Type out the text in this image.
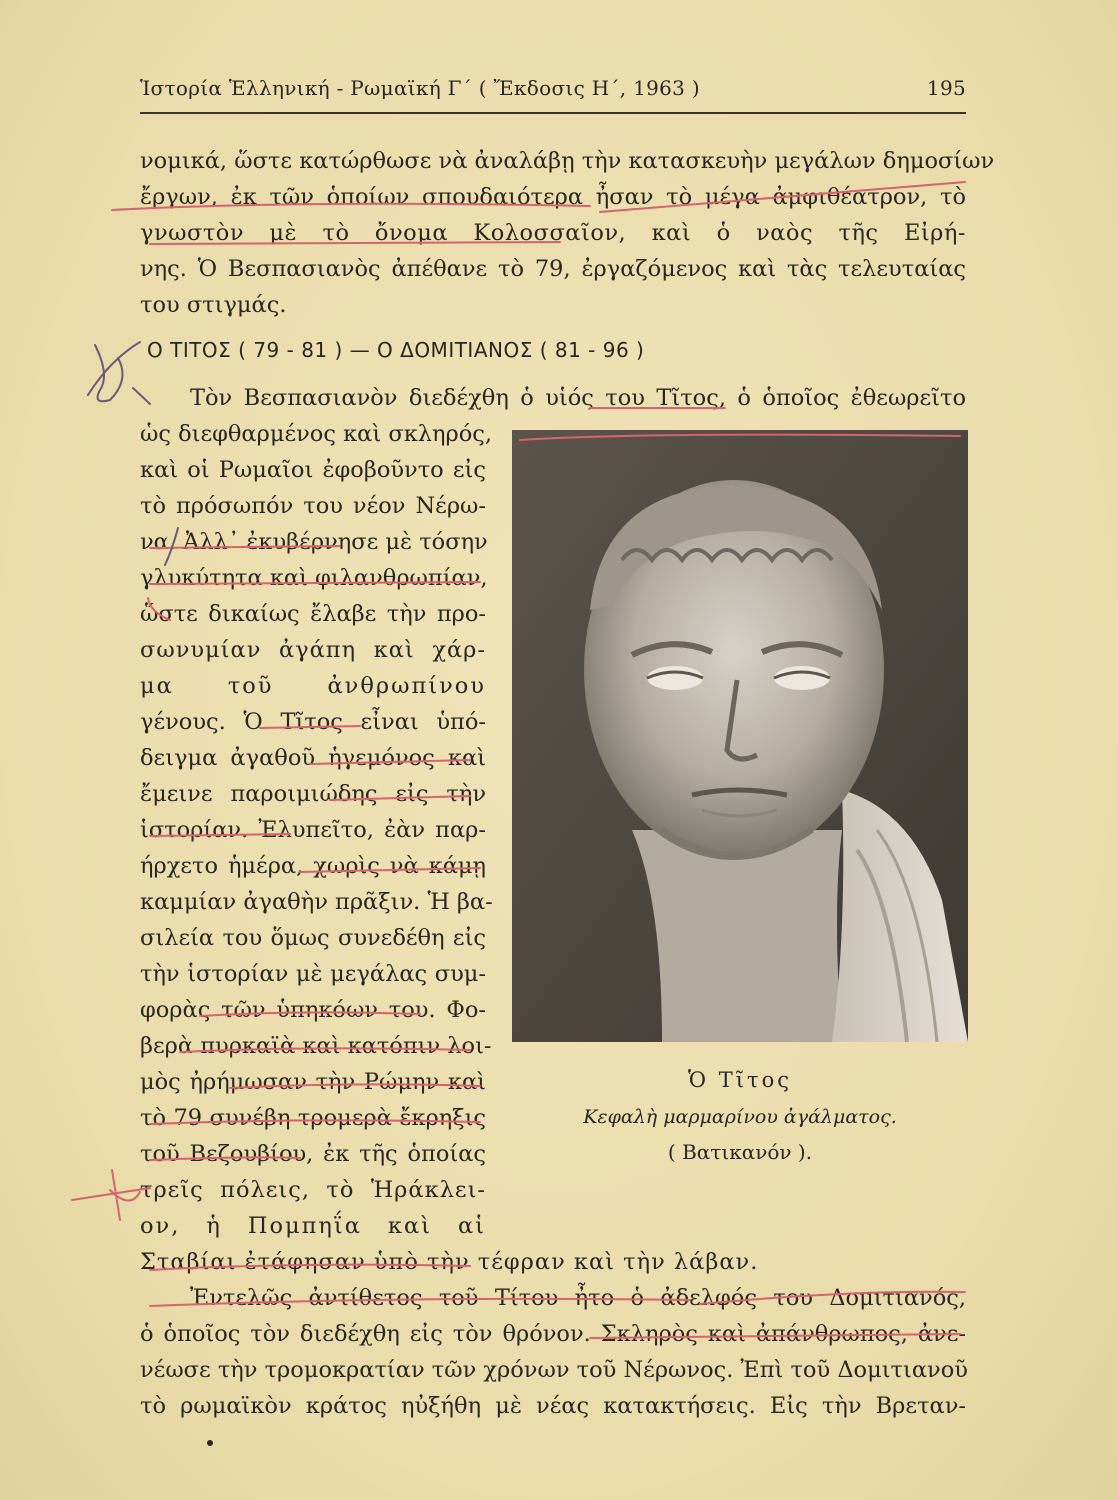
Ἱστορία Ἑλληνική - Ρωμαϊκή Γ΄ ( Ἔκδοσις Η΄, 1963 )	195
νομικά, ὥστε κατώρθωσε νὰ ἀναλάβῃ τὴν κατασκευὴν μεγάλων δημοσίων
ἔργων, ἐκ τῶν ὁποίων σπουδαιότερα ἦσαν τὸ μέγα ἀμφιθέατρον, τὸ
γνωστὸν μὲ τὸ ὄνομα Κολοσσαῖον, καὶ ὁ ναὸς τῆς Εἰρή-
νης. Ὁ Βεσπασιανὸς ἀπέθανε τὸ 79, ἐργαζόμενος καὶ τὰς τελευταίας
του στιγμάς.
Ο ΤΙΤΟΣ ( 79 - 81 ) — Ο ΔΟΜΙΤΙΑΝΟΣ ( 81 - 96 )
Τὸν Βεσπασιανὸν διεδέχθη ὁ υἱός του Τῖτος, ὁ ὁποῖος ἐθεωρεῖτο
ὡς διεφθαρμένος καὶ σκληρός,
καὶ οἱ Ρωμαῖοι ἐφοβοῦντο εἰς
τὸ πρόσωπόν του νέον Νέρω-
να. Ἀλλ᾽ ἐκυβέρνησε μὲ τόσην
γλυκύτητα καὶ φιλανθρωπίαν,
ὥστε δικαίως ἔλαβε τὴν προ-
σωνυμίαν ἀγάπη καὶ χάρ-
μα τοῦ ἀνθρωπίνου
γένους. Ὁ Τῖτος εἶναι ὑπό-
δειγμα ἀγαθοῦ ἡγεμόνος καὶ
ἔμεινε παροιμιώδης εἰς τὴν
ἱστορίαν. Ἐλυπεῖτο, ἐὰν παρ-
ήρχετο ἡμέρα, χωρὶς νὰ κάμῃ
καμμίαν ἀγαθὴν πρᾶξιν. Ἡ βα-
σιλεία του ὅμως συνεδέθη εἰς
τὴν ἱστορίαν μὲ μεγάλας συμ-
φορὰς τῶν ὑπηκόων του. Φο-
βερὰ πυρκαϊὰ καὶ κατόπιν λοι-
μὸς ἠρήμωσαν τὴν Ρώμην καὶ
τὸ 79 συνέβη τρομερὰ ἔκρηξις
τοῦ Βεζουβίου, ἐκ τῆς ὁποίας
τρεῖς πόλεις, τὸ Ἡράκλει-
ον, ἡ Πομπηΐα καὶ αἱ
Σταβίαι ἐτάφησαν ὑπὸ τὴν τέφραν καὶ τὴν λάβαν.
Ἐντελῶς ἀντίθετος τοῦ Τίτου ἦτο ὁ ἀδελφός του Δομιτιανός,
ὁ ὁποῖος τὸν διεδέχθη εἰς τὸν θρόνον. Σκληρὸς καὶ ἀπάνθρωπος, ἀνε-
νέωσε τὴν τρομοκρατίαν τῶν χρόνων τοῦ Νέρωνος. Ἐπὶ τοῦ Δομιτιανοῦ
τὸ ρωμαϊκὸν κράτος ηὐξήθη μὲ νέας κατακτήσεις. Εἰς τὴν Βρεταν-
Ὁ Τῖτος
Κεφαλὴ μαρμαρίνου ἀγάλματος.
( Βατικανόν ).
